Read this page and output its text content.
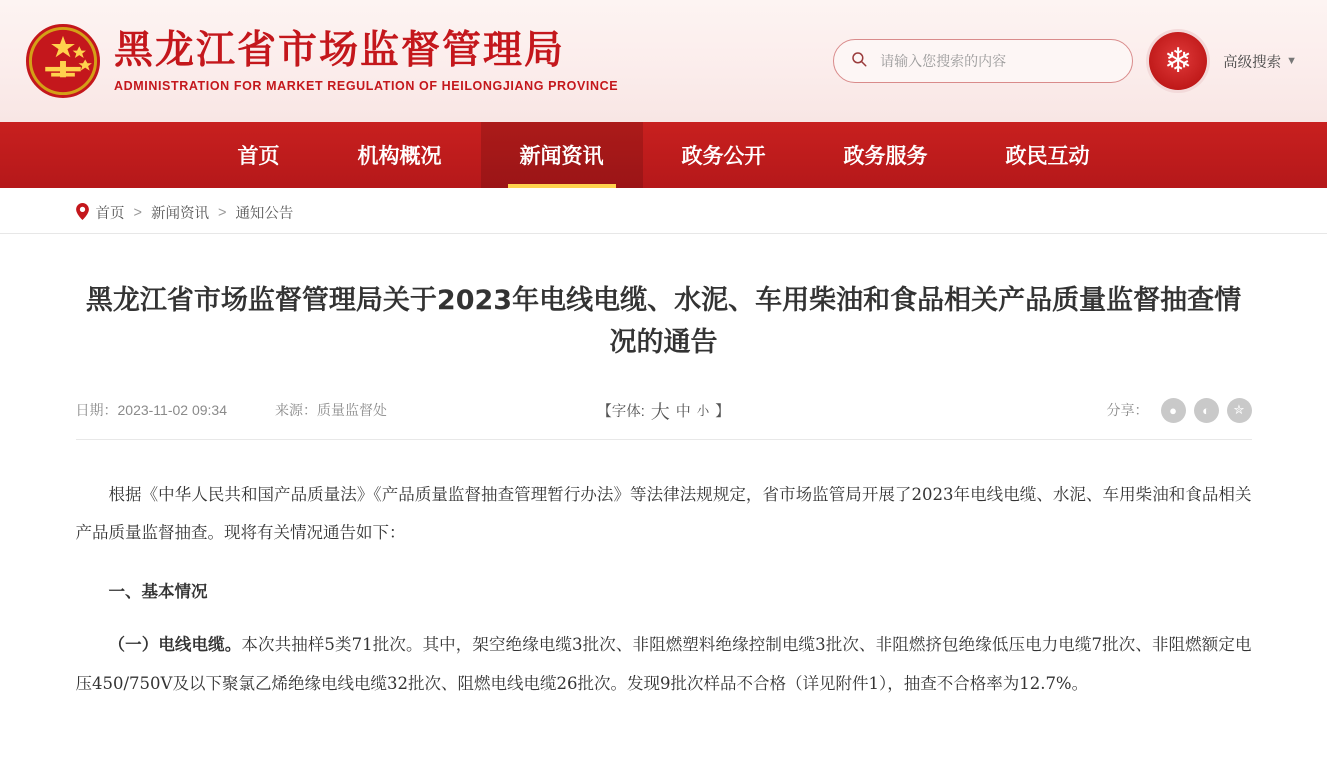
黑龙江省市场监督管理局
ADMINISTRATION FOR MARKET REGULATION OF HEILONGJIANG PROVINCE
请输入您搜索的内容
❄	高级搜索 ▼
首页	机构概况	新闻资讯	政务公开	政务服务	政民互动
首页 > 新闻资讯 > 通知公告
黑龙江省市场监督管理局关于2023年电线电缆、水泥、车用柴油和食品相关产品质量监督抽查情况的通告
日期：2023-11-02 09:34	来源：质量监督处	【字体: 大 中 小 】	分享：	●	◐	✮

根据《中华人民共和国产品质量法》《产品质量监督抽查管理暂行办法》等法律法规规定，省市场监管局开展了2023年电线电缆、水泥、车用柴油和食品相关产品质量监督抽查。现将有关情况通告如下：

一、基本情况

（一）电线电缆。本次共抽样5类71批次。其中，架空绝缘电缆3批次、非阻燃塑料绝缘控制电缆3批次、非阻燃挤包绝缘低压电力电缆7批次、非阻燃额定电压450/750V及以下聚氯乙烯绝缘电线电缆32批次、阻燃电线电缆26批次。发现9批次样品不合格（详见附件1），抽查不合格率为12.7%。
